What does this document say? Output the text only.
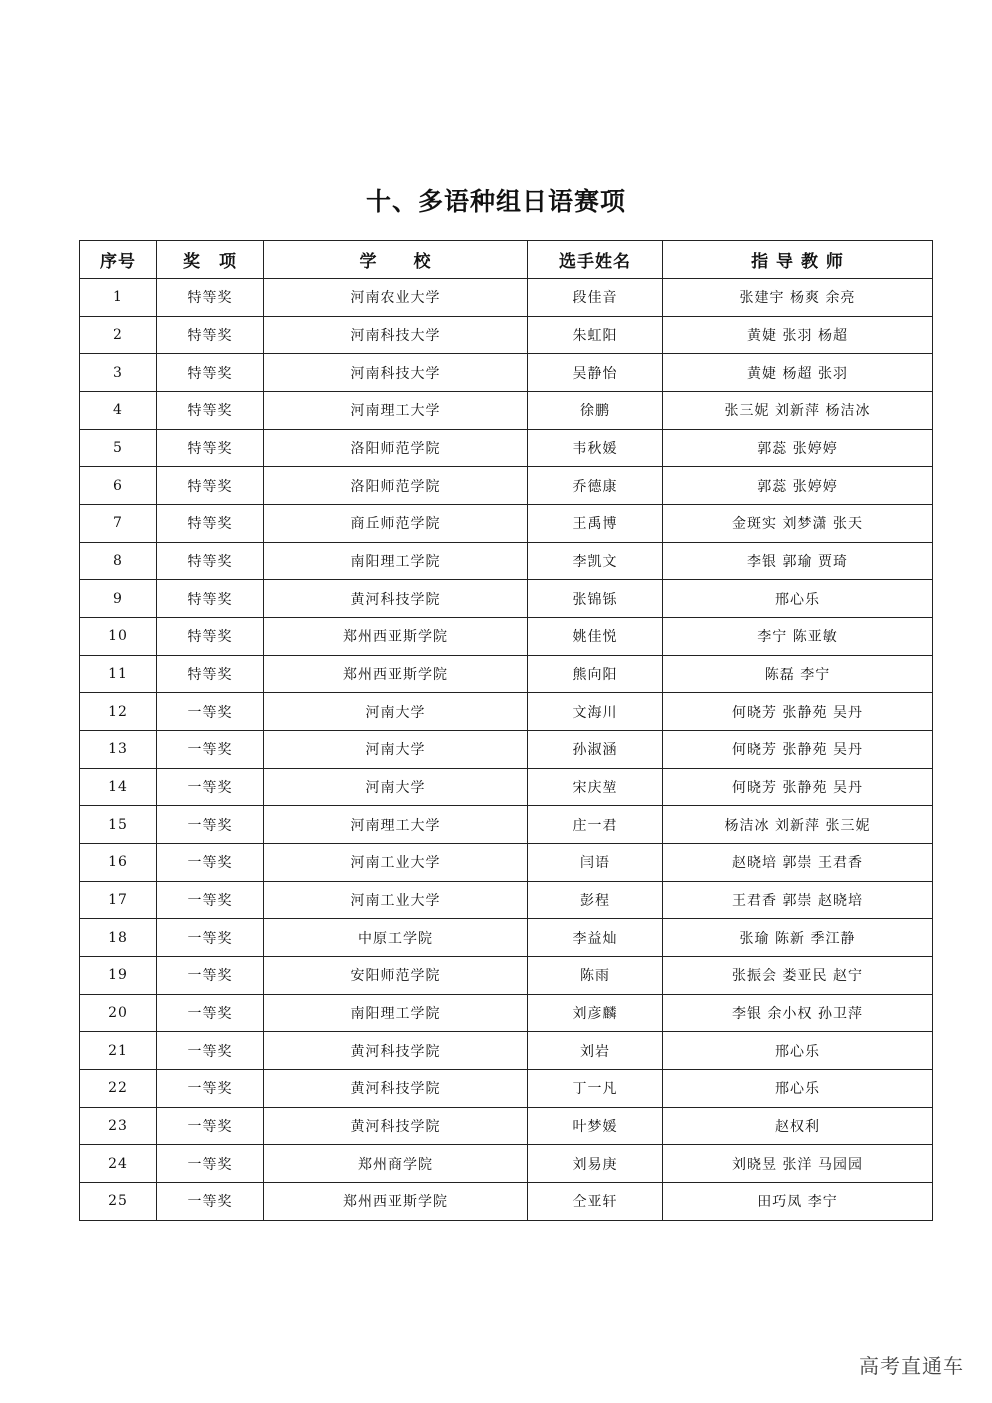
十、多语种组日语赛项
序号	奖　项	学　　校	选手姓名	指 导 教 师
1	特等奖	河南农业大学	段佳音	张建宇 杨爽 余亮
2	特等奖	河南科技大学	朱虹阳	黄婕 张羽 杨超
3	特等奖	河南科技大学	吴静怡	黄婕 杨超 张羽
4	特等奖	河南理工大学	徐鹏	张三妮 刘新萍 杨洁冰
5	特等奖	洛阳师范学院	韦秋媛	郭蕊 张婷婷
6	特等奖	洛阳师范学院	乔德康	郭蕊 张婷婷
7	特等奖	商丘师范学院	王禹博	金斑实 刘梦潇 张天
8	特等奖	南阳理工学院	李凯文	李银 郭瑜 贾琦
9	特等奖	黄河科技学院	张锦铄	邢心乐
10	特等奖	郑州西亚斯学院	姚佳悦	李宁 陈亚敏
11	特等奖	郑州西亚斯学院	熊向阳	陈磊 李宁
12	一等奖	河南大学	文海川	何晓芳 张静苑 吴丹
13	一等奖	河南大学	孙淑涵	何晓芳 张静苑 吴丹
14	一等奖	河南大学	宋庆堃	何晓芳 张静苑 吴丹
15	一等奖	河南理工大学	庄一君	杨洁冰 刘新萍 张三妮
16	一等奖	河南工业大学	闫语	赵晓培 郭崇 王君香
17	一等奖	河南工业大学	彭程	王君香 郭崇 赵晓培
18	一等奖	中原工学院	李益灿	张瑜 陈新 季江静
19	一等奖	安阳师范学院	陈雨	张振会 娄亚民 赵宁
20	一等奖	南阳理工学院	刘彦麟	李银 余小权 孙卫萍
21	一等奖	黄河科技学院	刘岩	邢心乐
22	一等奖	黄河科技学院	丁一凡	邢心乐
23	一等奖	黄河科技学院	叶梦媛	赵权利
24	一等奖	郑州商学院	刘易庚	刘晓昱 张洋 马园园
25	一等奖	郑州西亚斯学院	仝亚轩	田巧凤 李宁
高考直通车
